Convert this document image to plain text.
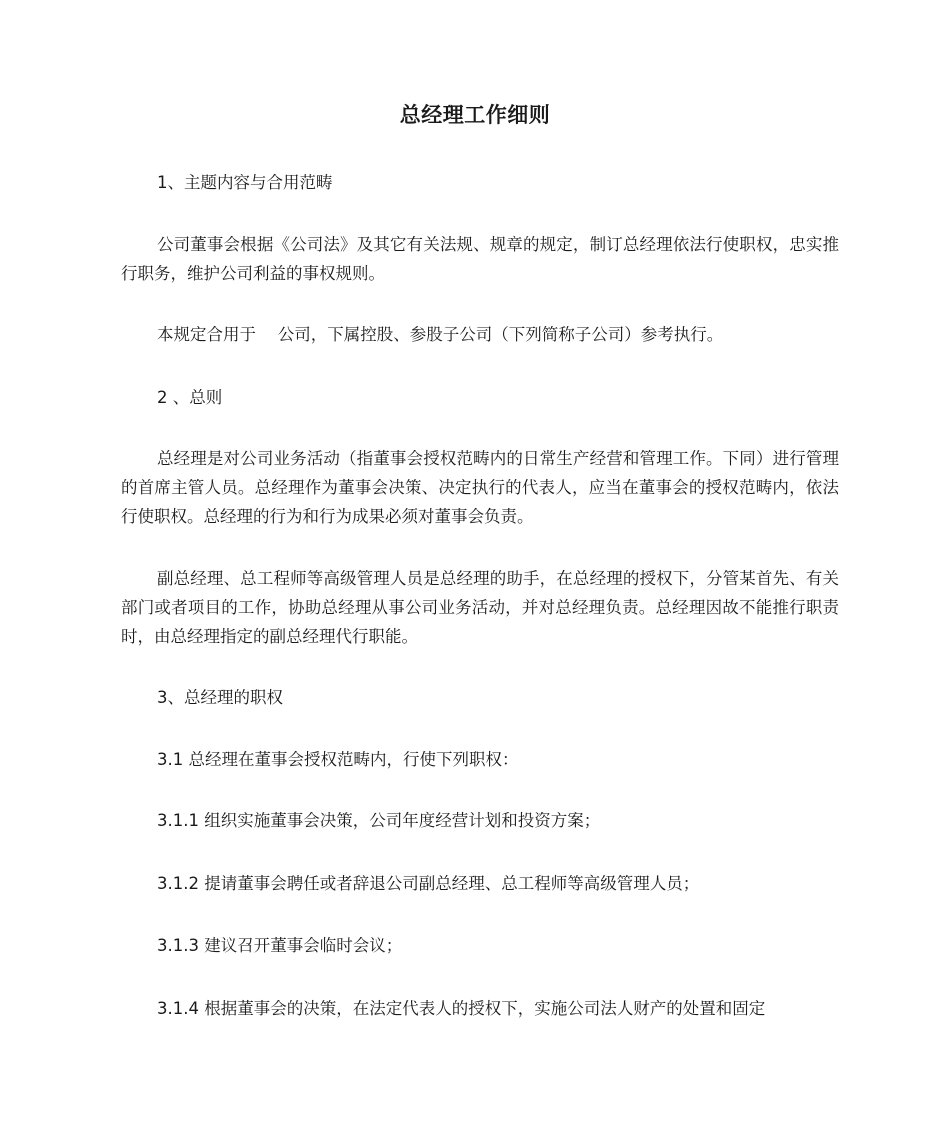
总经理工作细则

1、主题内容与合用范畴

公司董事会根据《公司法》及其它有关法规、规章的规定，制订总经理依法行使职权，忠实推行职务，维护公司利益的事权规则。

本规定合用于　 公司，下属控股、参股子公司（下列简称子公司）参考执行。

2 、总则

总经理是对公司业务活动（指董事会授权范畴内的日常生产经营和管理工作。下同）进行管理的首席主管人员。总经理作为董事会决策、决定执行的代表人，应当在董事会的授权范畴内，依法行使职权。总经理的行为和行为成果必须对董事会负责。

副总经理、总工程师等高级管理人员是总经理的助手，在总经理的授权下，分管某首先、有关部门或者项目的工作，协助总经理从事公司业务活动，并对总经理负责。总经理因故不能推行职责时，由总经理指定的副总经理代行职能。

3、总经理的职权

3.1 总经理在董事会授权范畴内，行使下列职权：

3.1.1 组织实施董事会决策，公司年度经营计划和投资方案；

3.1.2 提请董事会聘任或者辞退公司副总经理、总工程师等高级管理人员；

3.1.3 建议召开董事会临时会议；

3.1.4 根据董事会的决策，在法定代表人的授权下，实施公司法人财产的处置和固定
